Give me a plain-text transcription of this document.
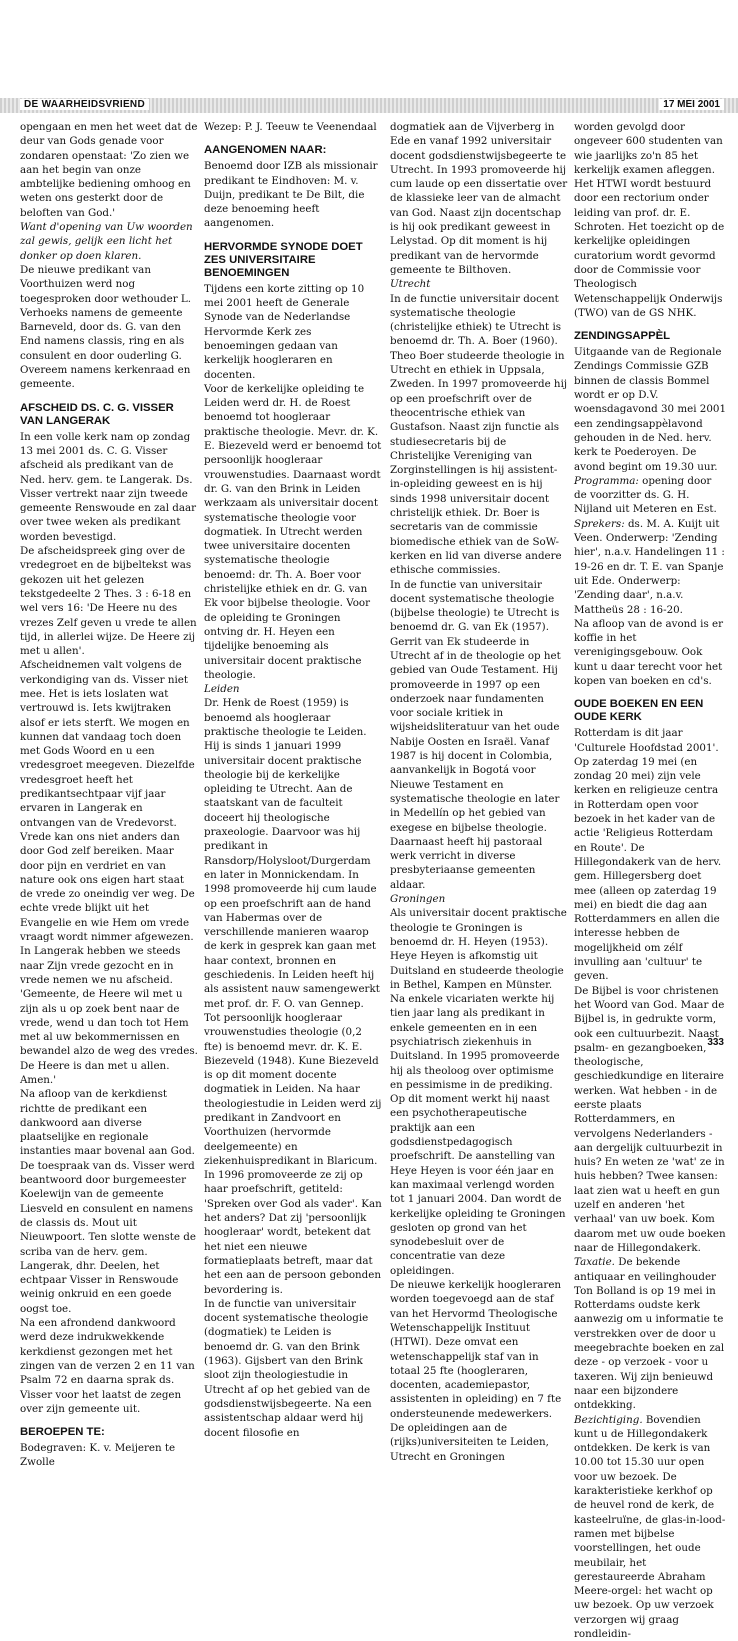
DE WAARHEIDSVRIEND	17 MEI 2001

opengaan en men het weet dat de deur van Gods genade voor zondaren openstaat: 'Zo zien we aan het begin van onze ambtelijke bediening omhoog en weten ons gesterkt door de beloften van God.'

Want d'opening van Uw woorden zal gewis, gelijk een licht het donker op doen klaren.

De nieuwe predikant van Voorthuizen werd nog toegesproken door wethouder L. Verhoeks namens de gemeente Barneveld, door ds. G. van den End namens classis, ring en als consulent en door ouderling G. Overeem namens kerkenraad en gemeente.

AFSCHEID DS. C. G. VISSER VAN LANGERAK

In een volle kerk nam op zondag 13 mei 2001 ds. C. G. Visser afscheid als predikant van de Ned. herv. gem. te Langerak. Ds. Visser vertrekt naar zijn tweede gemeente Renswoude en zal daar over twee weken als predikant worden bevestigd.

De afscheidspreek ging over de vredegroet en de bijbeltekst was gekozen uit het gelezen tekstgedeelte 2 Thes. 3 : 6-18 en wel vers 16: 'De Heere nu des vrezes Zelf geven u vrede te allen tijd, in allerlei wijze. De Heere zij met u allen'.

Afscheidnemen valt volgens de verkondiging van ds. Visser niet mee. Het is iets loslaten wat vertrouwd is. Iets kwijtraken alsof er iets sterft. We mogen en kunnen dat vandaag toch doen met Gods Woord en u een vredesgroet meegeven. Diezelfde vredesgroet heeft het predikantsechtpaar vijf jaar ervaren in Langerak en ontvangen van de Vredevorst. Vrede kan ons niet anders dan door God zelf bereiken. Maar door pijn en verdriet en van nature ook ons eigen hart staat de vrede zo oneindig ver weg. De echte vrede blijkt uit het Evangelie en wie Hem om vrede vraagt wordt nimmer afgewezen.

In Langerak hebben we steeds naar Zijn vrede gezocht en in vrede nemen we nu afscheid. 'Gemeente, de Heere wil met u zijn als u op zoek bent naar de vrede, wend u dan toch tot Hem met al uw bekommernissen en bewandel alzo de weg des vredes. De Heere is dan met u allen. Amen.'

Na afloop van de kerkdienst richtte de predikant een dankwoord aan diverse plaatselijke en regionale instanties maar bovenal aan God. De toespraak van ds. Visser werd beantwoord door burgemeester Koelewijn van de gemeente Liesveld en consulent en namens de classis ds. Mout uit Nieuwpoort. Ten slotte wenste de scriba van de herv. gem. Langerak, dhr. Deelen, het echtpaar Visser in Renswoude weinig onkruid en een goede oogst toe.

Na een afrondend dankwoord werd deze indrukwekkende kerkdienst gezongen met het zingen van de verzen 2 en 11 van Psalm 72 en daarna sprak ds. Visser voor het laatst de zegen over zijn gemeente uit.

BEROEPEN TE:

Bodegraven: K. v. Meijeren te Zwolle

Wezep: P. J. Teeuw te Veenendaal

AANGENOMEN NAAR:

Benoemd door IZB als missionair predikant te Eindhoven: M. v. Duijn, predikant te De Bilt, die deze benoeming heeft aangenomen.

HERVORMDE SYNODE DOET ZES UNIVERSITAIRE BENOEMINGEN

Tijdens een korte zitting op 10 mei 2001 heeft de Generale Synode van de Nederlandse Hervormde Kerk zes benoemingen gedaan van kerkelijk hoogleraren en docenten.

Voor de kerkelijke opleiding te Leiden werd dr. H. de Roest benoemd tot hoogleraar praktische theologie. Mevr. dr. K. E. Biezeveld werd er benoemd tot persoonlijk hoogleraar vrouwenstudies. Daarnaast wordt dr. G. van den Brink in Leiden werkzaam als universitair docent systematische theologie voor dogmatiek. In Utrecht werden twee universitaire docenten systematische theologie benoemd: dr. Th. A. Boer voor christelijke ethiek en dr. G. van Ek voor bijbelse theologie. Voor de opleiding te Groningen ontving dr. H. Heyen een tijdelijke benoeming als universitair docent praktische theologie.

Leiden

Dr. Henk de Roest (1959) is benoemd als hoogleraar praktische theologie te Leiden. Hij is sinds 1 januari 1999 universitair docent praktische theologie bij de kerkelijke opleiding te Utrecht. Aan de staatskant van de faculteit doceert hij theologische praxeologie. Daarvoor was hij predikant in Ransdorp/Holysloot/Durgerdam en later in Monnickendam. In 1998 promoveerde hij cum laude op een proefschrift aan de hand van Habermas over de verschillende manieren waarop de kerk in gesprek kan gaan met haar context, bronnen en geschiedenis. In Leiden heeft hij als assistent nauw samengewerkt met prof. dr. F. O. van Gennep.

Tot persoonlijk hoogleraar vrouwenstudies theologie (0,2 fte) is benoemd mevr. dr. K. E. Biezeveld (1948). Kune Biezeveld is op dit moment docente dogmatiek in Leiden. Na haar theologiestudie in Leiden werd zij predikant in Zandvoort en Voorthuizen (hervormde deelgemeente) en ziekenhuispredikant in Blaricum. In 1996 promoveerde ze zij op haar proefschrift, getiteld: 'Spreken over God als vader'. Kan het anders? Dat zij 'persoonlijk hoogleraar' wordt, betekent dat het niet een nieuwe formatieplaats betreft, maar dat het een aan de persoon gebonden bevordering is.

In de functie van universitair docent systematische theologie (dogmatiek) te Leiden is benoemd dr. G. van den Brink (1963). Gijsbert van den Brink sloot zijn theologiestudie in Utrecht af op het gebied van de godsdienstwijsbegeerte. Na een assistentschap aldaar werd hij docent filosofie en

dogmatiek aan de Vijverberg in Ede en vanaf 1992 universitair docent godsdienstwijsbegeerte te Utrecht. In 1993 promoveerde hij cum laude op een dissertatie over de klassieke leer van de almacht van God. Naast zijn docentschap is hij ook predikant geweest in Lelystad. Op dit moment is hij predikant van de hervormde gemeente te Bilthoven.

Utrecht

In de functie universitair docent systematische theologie (christelijke ethiek) te Utrecht is benoemd dr. Th. A. Boer (1960). Theo Boer studeerde theologie in Utrecht en ethiek in Uppsala, Zweden. In 1997 promoveerde hij op een proefschrift over de theocentrische ethiek van Gustafson. Naast zijn functie als studiesecretaris bij de Christelijke Vereniging van Zorginstellingen is hij assistent-in-opleiding geweest en is hij sinds 1998 universitair docent christelijk ethiek. Dr. Boer is secretaris van de commissie biomedische ethiek van de SoW-kerken en lid van diverse andere ethische commissies.

In de functie van universitair docent systematische theologie (bijbelse theologie) te Utrecht is benoemd dr. G. van Ek (1957). Gerrit van Ek studeerde in Utrecht af in de theologie op het gebied van Oude Testament. Hij promoveerde in 1997 op een onderzoek naar fundamenten voor sociale kritiek in wijsheidsliteratuur van het oude Nabije Oosten en Israël. Vanaf 1987 is hij docent in Colombia, aanvankelijk in Bogotá voor Nieuwe Testament en systematische theologie en later in Medellín op het gebied van exegese en bijbelse theologie. Daarnaast heeft hij pastoraal werk verricht in diverse presbyteriaanse gemeenten aldaar.

Groningen

Als universitair docent praktische theologie te Groningen is benoemd dr. H. Heyen (1953). Heye Heyen is afkomstig uit Duitsland en studeerde theologie in Bethel, Kampen en Münster. Na enkele vicariaten werkte hij tien jaar lang als predikant in enkele gemeenten en in een psychiatrisch ziekenhuis in Duitsland. In 1995 promoveerde hij als theoloog over optimisme en pessimisme in de prediking. Op dit moment werkt hij naast een psychotherapeutische praktijk aan een godsdienstpedagogisch proefschrift. De aanstelling van Heye Heyen is voor één jaar en kan maximaal verlengd worden tot 1 januari 2004. Dan wordt de kerkelijke opleiding te Groningen gesloten op grond van het synodebesluit over de concentratie van deze opleidingen.

De nieuwe kerkelijk hoogleraren worden toegevoegd aan de staf van het Hervormd Theologische Wetenschappelijk Instituut (HTWI). Deze omvat een wetenschappelijk staf van in totaal 25 fte (hoogleraren, docenten, academiepastor, assistenten in opleiding) en 7 fte ondersteunende medewerkers. De opleidingen aan de (rijks)universiteiten te Leiden, Utrecht en Groningen

worden gevolgd door ongeveer 600 studenten van wie jaarlijks zo'n 85 het kerkelijk examen afleggen. Het HTWI wordt bestuurd door een rectorium onder leiding van prof. dr. E. Schroten. Het toezicht op de kerkelijke opleidingen curatorium wordt gevormd door de Commissie voor Theologisch Wetenschappelijk Onderwijs (TWO) van de GS NHK.

ZENDINGSAPPÈL

Uitgaande van de Regionale Zendings Commissie GZB binnen de classis Bommel wordt er op D.V. woensdagavond 30 mei 2001 een zendingsappèlavond gehouden in de Ned. herv. kerk te Poederoyen. De avond begint om 19.30 uur.

Programma: opening door de voorzitter ds. G. H. Nijland uit Meteren en Est.

Sprekers: ds. M. A. Kuijt uit Veen. Onderwerp: 'Zending hier', n.a.v. Handelingen 11 : 19-26 en dr. T. E. van Spanje uit Ede. Onderwerp: 'Zending daar', n.a.v. Mattheüs 28 : 16-20.

Na afloop van de avond is er koffie in het verenigingsgebouw. Ook kunt u daar terecht voor het kopen van boeken en cd's.

OUDE BOEKEN EN EEN OUDE KERK

Rotterdam is dit jaar 'Culturele Hoofdstad 2001'. Op zaterdag 19 mei (en zondag 20 mei) zijn vele kerken en religieuze centra in Rotterdam open voor bezoek in het kader van de actie 'Religieus Rotterdam en Route'. De Hillegondakerk van de herv. gem. Hillegersberg doet mee (alleen op zaterdag 19 mei) en biedt die dag aan Rotterdammers en allen die interesse hebben de mogelijkheid om zélf invulling aan 'cultuur' te geven.

De Bijbel is voor christenen het Woord van God. Maar de Bijbel is, in gedrukte vorm, ook een cultuurbezit. Naast psalm- en gezangboeken, theologische, geschiedkundige en literaire werken. Wat hebben - in de eerste plaats Rotterdammers, en vervolgens Nederlanders - aan dergelijk cultuurbezit in huis? En weten ze 'wat' ze in huis hebben? Twee kansen: laat zien wat u heeft en gun uzelf en anderen 'het verhaal' van uw boek. Kom daarom met uw oude boeken naar de Hillegondakerk.

Taxatie. De bekende antiquaar en veilinghouder Ton Bolland is op 19 mei in Rotterdams oudste kerk aanwezig om u informatie te verstrekken over de door u meegebrachte boeken en zal deze - op verzoek - voor u taxeren. Wij zijn benieuwd naar een bijzondere ontdekking.

Bezichtiging. Bovendien kunt u de Hillegondakerk ontdekken. De kerk is van 10.00 tot 15.30 uur open voor uw bezoek. De karakteristieke kerkhof op de heuvel rond de kerk, de kasteelruïne, de glas-in-lood-ramen met bijbelse voorstellingen, het oude meubilair, het gerestaureerde Abraham Meere-orgel: het wacht op uw bezoek. Op uw verzoek verzorgen wij graag rondleidin-

333
